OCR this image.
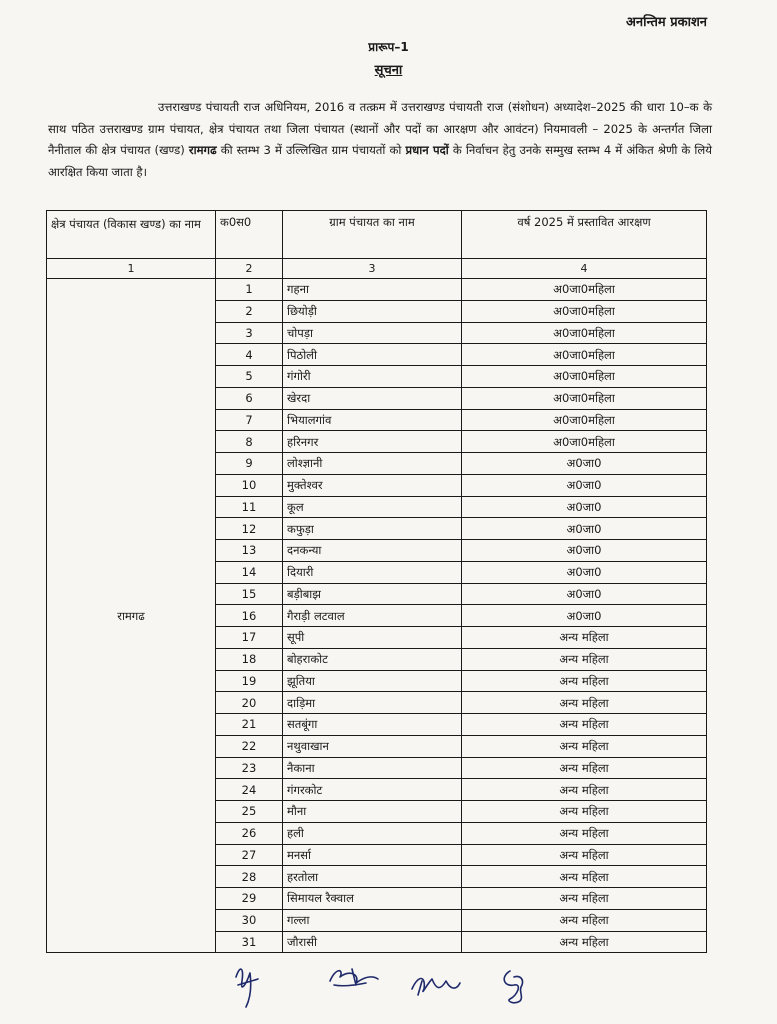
अनन्तिम प्रकाशन
प्रारूप–1
सूचना
उत्तराखण्ड पंचायती राज अधिनियम, 2016 व तत्क्रम में उत्तराखण्ड पंचायती राज (संशोधन) अध्यादेश–2025 की धारा 10–क के साथ पठित उत्तराखण्ड ग्राम पंचायत, क्षेत्र पंचायत तथा जिला पंचायत (स्थानों और पदों का आरक्षण और आवंटन) नियमावली – 2025 के अन्तर्गत जिला नैनीताल की क्षेत्र पंचायत (खण्ड) रामगढ की स्तम्भ 3 में उल्लिखित ग्राम पंचायतों को प्रधान पदों के निर्वाचन हेतु उनके सम्मुख स्तम्भ 4 में अंकित श्रेणी के लिये आरक्षित किया जाता है।
क्षेत्र पंचायत (विकास खण्ड) का नाम	क0स0	ग्राम पंचायत का नाम	वर्ष 2025 में प्रस्तावित आरक्षण
1	2	3	4
रामगढ	1	गहना	अ0जा0महिला
	2	छियोड़ी	अ0जा0महिला
	3	चोपड़ा	अ0जा0महिला
	4	पिठोली	अ0जा0महिला
	5	गंगोरी	अ0जा0महिला
	6	खेरदा	अ0जा0महिला
	7	भियालगांव	अ0जा0महिला
	8	हरिनगर	अ0जा0महिला
	9	लोश्ज्ञानी	अ0जा0
	10	मुक्तेश्वर	अ0जा0
	11	कूल	अ0जा0
	12	कफुड़ा	अ0जा0
	13	दनकन्या	अ0जा0
	14	दियारी	अ0जा0
	15	बड़ीबाझ	अ0जा0
	16	गैराड़ी लटवाल	अ0जा0
	17	सूपी	अन्य महिला
	18	बोहराकोट	अन्य महिला
	19	झूतिया	अन्य महिला
	20	दाड़िमा	अन्य महिला
	21	सतबूंगा	अन्य महिला
	22	नथुवाखान	अन्य महिला
	23	नैकाना	अन्य महिला
	24	गंगरकोट	अन्य महिला
	25	मौना	अन्य महिला
	26	हली	अन्य महिला
	27	मनर्सा	अन्य महिला
	28	हरतोला	अन्य महिला
	29	सिमायल रैक्वाल	अन्य महिला
	30	गल्ला	अन्य महिला
	31	जौरासी	अन्य महिला
